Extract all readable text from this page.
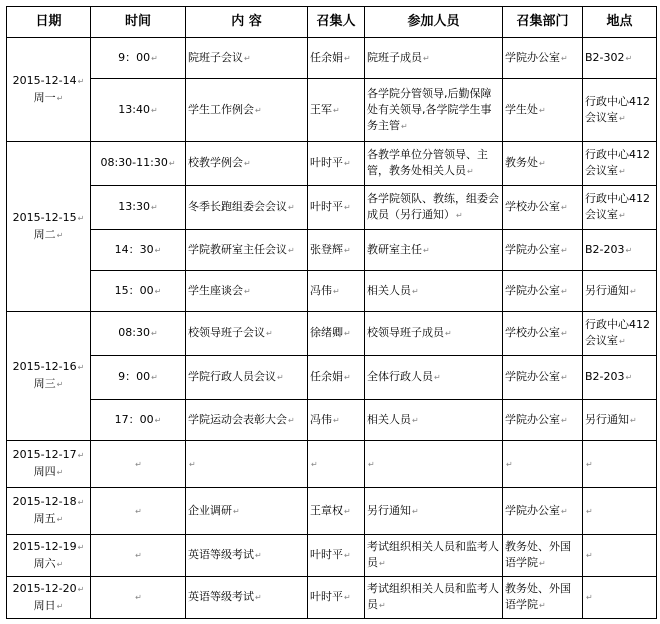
日期	时间	内 容	召集人	参加人员	召集部门	地点

2015-12-14↵
周一↵	9：00↵	院班子会议↵	任余娟↵	院班子成员↵	学院办公室↵	B2-302↵
	13:40↵	学生工作例会↵	王军↵	各学院分管领导,后勤保障处有关领导,各学院学生事务主管↵	学生处↵	行政中心412会议室↵

2015-12-15↵
周二↵	08:30-11:30↵	校教学例会↵	叶时平↵	各教学单位分管领导、主管，教务处相关人员↵	教务处↵	行政中心412会议室↵
	13:30↵	冬季长跑组委会会议↵	叶时平↵	各学院领队、教练，组委会成员（另行通知）↵	学校办公室↵	行政中心412会议室↵
	14：30↵	学院教研室主任会议↵	张登辉↵	教研室主任↵	学院办公室↵	B2-203↵
	15：00↵	学生座谈会↵	冯伟↵	相关人员↵	学院办公室↵	另行通知↵

2015-12-16↵
周三↵	08:30↵	校领导班子会议↵	徐绪卿↵	校领导班子成员↵	学校办公室↵	行政中心412会议室↵
	9：00↵	学院行政人员会议↵	任余娟↵	全体行政人员↵	学院办公室↵	B2-203↵
	17：00↵	学院运动会表彰大会↵	冯伟↵	相关人员↵	学院办公室↵	另行通知↵

2015-12-17↵
周四↵	↵	↵	↵	↵	↵	↵

2015-12-18↵
周五↵	↵	企业调研↵	王章权↵	另行通知↵	学院办公室↵	↵

2015-12-19↵
周六↵	↵	英语等级考试↵	叶时平↵	考试组织相关人员和监考人员↵	教务处、外国语学院↵	↵

2015-12-20↵
周日↵	↵	英语等级考试↵	叶时平↵	考试组织相关人员和监考人员↵	教务处、外国语学院↵	↵
